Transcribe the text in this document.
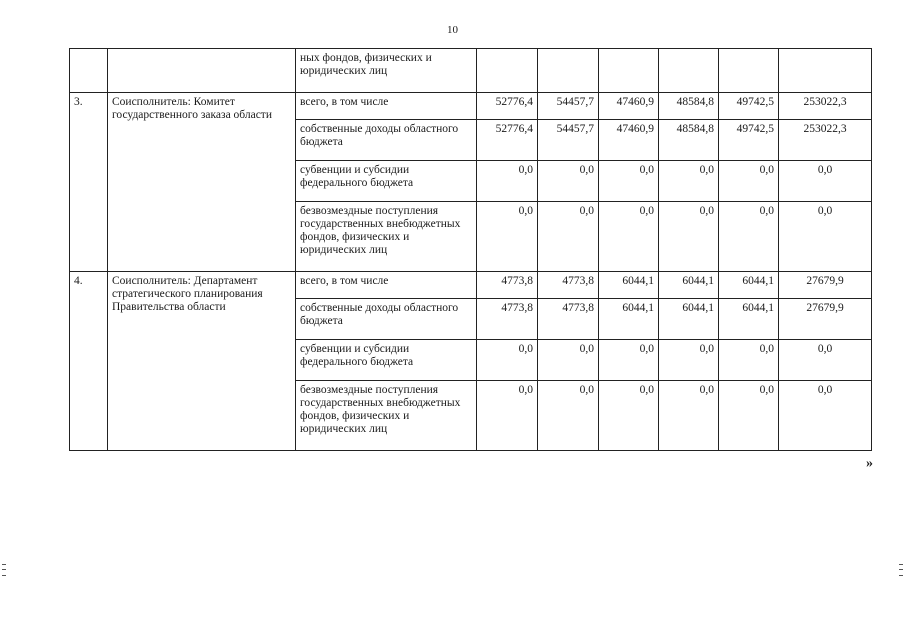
10
		ных фондов, физических и юридических лиц						
3.	Соисполнитель: Комитет государственного заказа области	всего, в том числе	52776,4	54457,7	47460,9	48584,8	49742,5	253022,3
		собственные доходы областного бюджета	52776,4	54457,7	47460,9	48584,8	49742,5	253022,3
		субвенции и субсидии федерального бюджета	0,0	0,0	0,0	0,0	0,0	0,0
		безвозмездные поступления государственных внебюджетных фондов, физических и юридических лиц	0,0	0,0	0,0	0,0	0,0	0,0
4.	Соисполнитель: Департамент стратегического планирования Правительства области	всего, в том числе	4773,8	4773,8	6044,1	6044,1	6044,1	27679,9
		собственные доходы областного бюджета	4773,8	4773,8	6044,1	6044,1	6044,1	27679,9
		субвенции и субсидии федерального бюджета	0,0	0,0	0,0	0,0	0,0	0,0
		безвозмездные поступления государственных внебюджетных фондов, физических и юридических лиц	0,0	0,0	0,0	0,0	0,0	0,0
»
